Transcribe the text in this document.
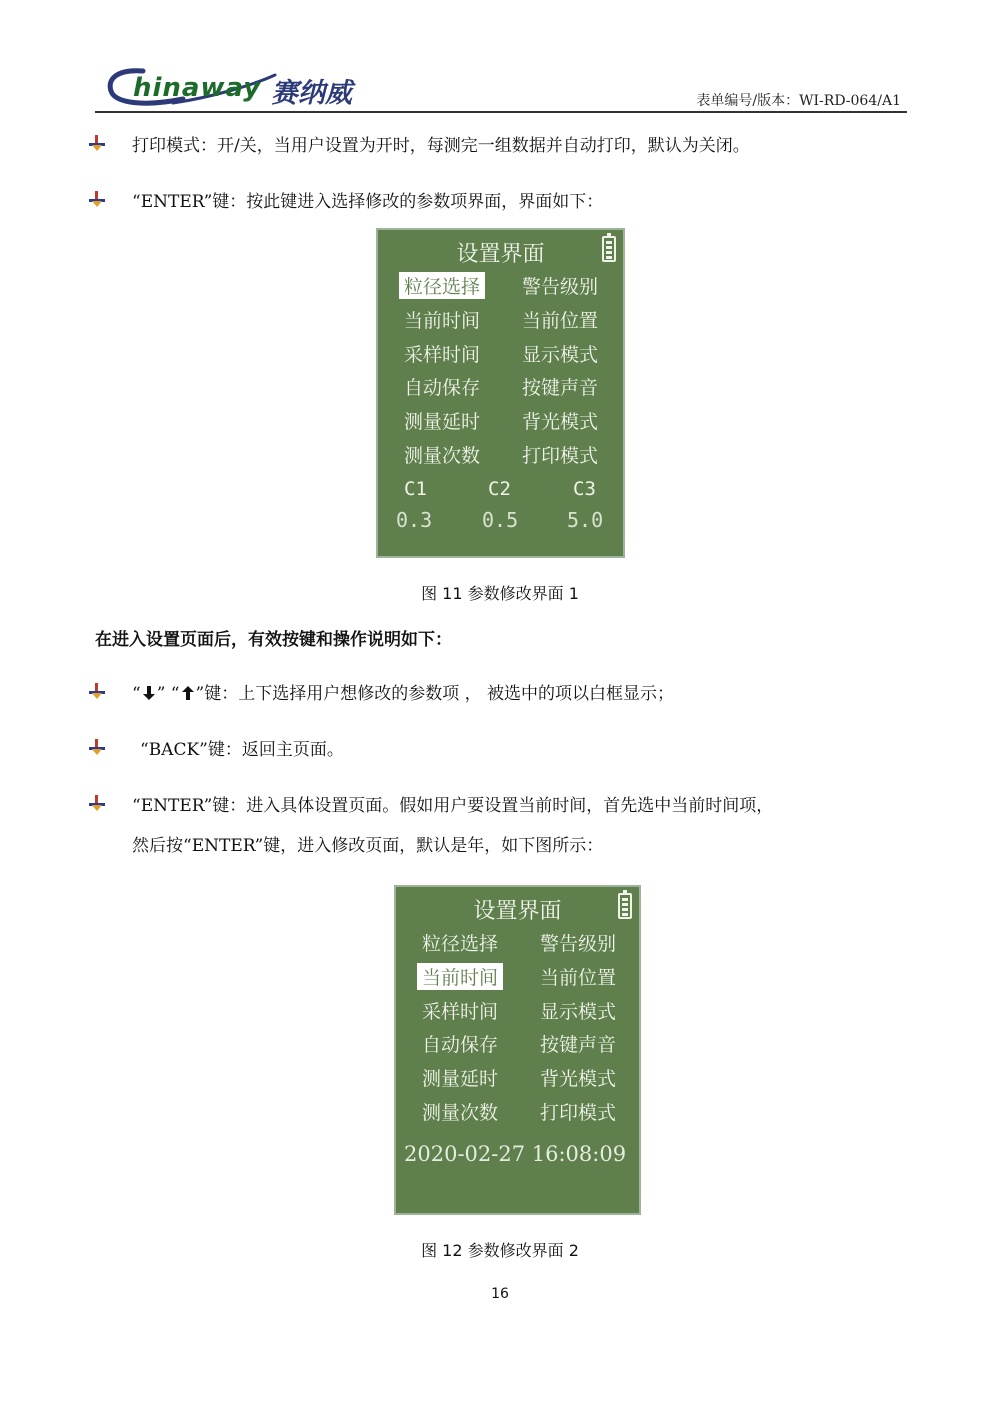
hinaway 赛纳威	表单编号/版本：WI-RD-064/A1
打印模式：开/关，当用户设置为开时，每测完一组数据并自动打印，默认为关闭。
“ENTER”键：按此键进入选择修改的参数项界面，界面如下：
设置界面
粒径选择 警告级别
当前时间 当前位置
采样时间 显示模式
自动保存 按键声音
测量延时 背光模式
测量次数 打印模式
C1	C2	C3
0.3 0.5 5.0
图 11 参数修改界面 1
在进入设置页面后，有效按键和操作说明如下：
“ ” “ ”键：上下选择用户想修改的参数项 ， 被选中的项以白框显示；
“BACK”键：返回主页面。
“ENTER”键：进入具体设置页面。假如用户要设置当前时间，首先选中当前时间项，
然后按“ENTER”键，进入修改页面，默认是年，如下图所示：
设置界面
粒径选择 警告级别
当前时间 当前位置
采样时间 显示模式
自动保存 按键声音
测量延时 背光模式
测量次数 打印模式
2020-02-27 16:08:09
图 12 参数修改界面 2
16
